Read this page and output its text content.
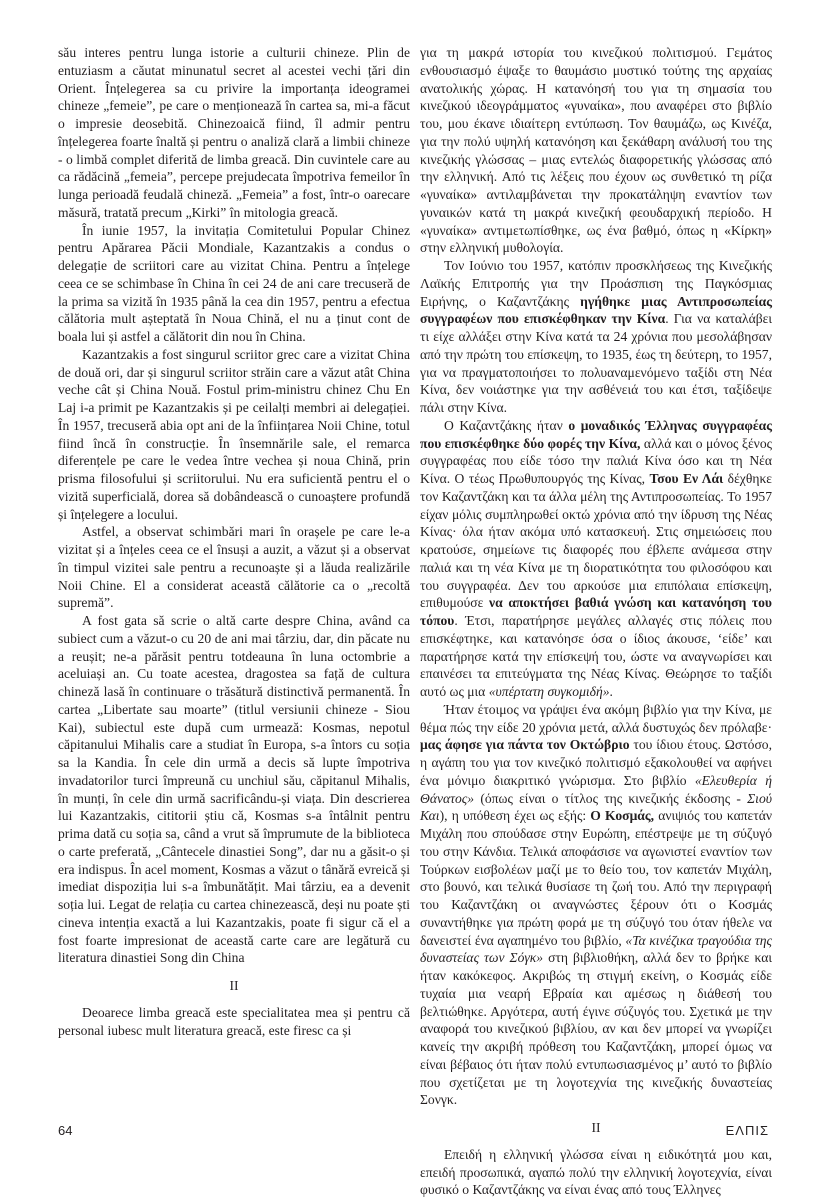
său interes pentru lunga istorie a culturii chineze. Plin de entuziasm a căutat minunatul secret al acestei vechi țări din Orient. Înțelegerea sa cu privire la importanța ideogramei chineze „femeie”, pe care o menționează în cartea sa, mi-a făcut o impresie deosebită. Chinezoaică fiind, îl admir pentru înțelegerea foarte înaltă și pentru o analiză clară a limbii chineze - o limbă complet diferită de limba greacă. Din cuvintele care au ca rădăcină „femeia”, percepe prejudecata împotriva femeilor în lunga perioadă feudală chineză. „Femeia” a fost, într-o oarecare măsură, tratată precum „Kirki” în mitologia greacă.

În iunie 1957, la invitația Comitetului Popular Chinez pentru Apărarea Păcii Mondiale, Kazantzakis a condus o delegație de scriitori care au vizitat China. Pentru a înțelege ceea ce se schimbase în China în cei 24 de ani care trecuseră de la prima sa vizită în 1935 până la cea din 1957, pentru a efectua călătoria mult așteptată în Noua Chină, el nu a ținut cont de boala lui și astfel a călătorit din nou în China.

Kazantzakis a fost singurul scriitor grec care a vizitat China de două ori, dar și singurul scriitor străin care a văzut atât China veche cât și China Nouă. Fostul prim-ministru chinez Chu En Laj i-a primit pe Kazantzakis și pe ceilalți membri ai delegației. În 1957, trecuseră abia opt ani de la înființarea Noii Chine, totul fiind încă în construcție. În însemnările sale, el remarca diferențele pe care le vedea între vechea și noua Chină, prin prisma filosofului și scriitorului. Nu era suficientă pentru el o vizită superficială, dorea să dobândească o cunoaștere profundă și înțelegere a locului.

Astfel, a observat schimbări mari în orașele pe care le-a vizitat și a înțeles ceea ce el însuși a auzit, a văzut și a observat în timpul vizitei sale pentru a recunoaște și a lăuda realizările Noii Chine. El a considerat această călătorie ca o „recoltă supremă”.

A fost gata să scrie o altă carte despre China, având ca subiect cum a văzut-o cu 20 de ani mai târziu, dar, din păcate nu a reușit; ne-a părăsit pentru totdeauna în luna octombrie a aceluiași an. Cu toate acestea, dragostea sa față de cultura chineză lasă în continuare o trăsătură distinctivă permanentă. În cartea „Libertate sau moarte” (titlul versiunii chineze - Siou Kai), subiectul este după cum urmează: Kosmas, nepotul căpitanului Mihalis care a studiat în Europa, s-a întors cu soția sa la Kandia. În cele din urmă a decis să lupte împotriva invadatorilor turci împreună cu unchiul său, căpitanul Mihalis, în munți, în cele din urmă sacrificându-și viața. Din descrierea lui Kazantzakis, cititorii știu că, Kosmas s-a întâlnit pentru prima dată cu soția sa, când a vrut să împrumute de la biblioteca o carte preferată, „Cântecele dinastiei Song”, dar nu a găsit-o și era indispus. În acel moment, Kosmas a văzut o tânără evreică și imediat dispoziția lui s-a îmbunătățit. Mai târziu, ea a devenit soția lui. Legat de relația cu cartea chinezească, deși nu poate ști cineva intenția exactă a lui Kazantzakis, poate fi sigur că el a fost foarte impresionat de această carte care are legătură cu literatura dinastiei Song din China

II

Deoarece limba greacă este specialitatea mea și pentru că personal iubesc mult literatura greacă, este firesc ca și

για τη μακρά ιστορία του κινεζικού πολιτισμού. Γεμάτος ενθουσιασμό έψαξε το θαυμάσιο μυστικό τούτης της αρχαίας ανατολικής χώρας. Η κατανόησή του για τη σημασία του κινεζικού ιδεογράμματος «γυναίκα», που αναφέρει στο βιβλίο του, μου έκανε ιδιαίτερη εντύπωση. Τον θαυμάζω, ως Κινέζα, για την πολύ υψηλή κατανόηση και ξεκάθαρη ανάλυσή του της κινεζικής γλώσσας – μιας εντελώς διαφορετικής γλώσσας από την ελληνική. Από τις λέξεις που έχουν ως συνθετικό τη ρίζα «γυναίκα» αντιλαμβάνεται την προκατάληψη εναντίον των γυναικών κατά τη μακρά κινεζική φεουδαρχική περίοδο. Η «γυναίκα» αντιμετωπίσθηκε, ως ένα βαθμό, όπως η «Κίρκη» στην ελληνική μυθολογία.

Τον Ιούνιο του 1957, κατόπιν προσκλήσεως της Κινεζικής Λαϊκής Επιτροπής για την Προάσπιση της Παγκόσμιας Ειρήνης, ο Καζαντζάκης ηγήθηκε μιας Αντιπροσωπείας συγγραφέων που επισκέφθηκαν την Κίνα. Για να καταλάβει τι είχε αλλάξει στην Κίνα κατά τα 24 χρόνια που μεσολάβησαν από την πρώτη του επίσκεψη, το 1935, έως τη δεύτερη, το 1957, για να πραγματοποιήσει το πολυαναμενόμενο ταξίδι στη Νέα Κίνα, δεν νοιάστηκε για την ασθένειά του και έτσι, ταξίδεψε πάλι στην Κίνα.

Ο Καζαντζάκης ήταν ο μοναδικός Έλληνας συγγραφέας που επισκέφθηκε δύο φορές την Κίνα, αλλά και ο μόνος ξένος συγγραφέας που είδε τόσο την παλιά Κίνα όσο και τη Νέα Κίνα. Ο τέως Πρωθυπουργός της Κίνας, Τσου Εν Λάι δέχθηκε τον Καζαντζάκη και τα άλλα μέλη της Αντιπροσωπείας. Το 1957 είχαν μόλις συμπληρωθεί οκτώ χρόνια από την ίδρυση της Νέας Κίνας· όλα ήταν ακόμα υπό κατασκευή. Στις σημειώσεις που κρατούσε, σημείωνε τις διαφορές που έβλεπε ανάμεσα στην παλιά και τη νέα Κίνα με τη διορατικότητα του φιλοσόφου και του συγγραφέα. Δεν του αρκούσε μια επιπόλαια επίσκεψη, επιθυμούσε να αποκτήσει βαθιά γνώση και κατανόηση του τόπου. Έτσι, παρατήρησε μεγάλες αλλαγές στις πόλεις που επισκέφτηκε, και κατανόησε όσα ο ίδιος άκουσε, ‘είδε’ και παρατήρησε κατά την επίσκεψή του, ώστε να αναγνωρίσει και επαινέσει τα επιτεύγματα της Νέας Κίνας. Θεώρησε το ταξίδι αυτό ως μια «υπέρτατη συγκομιδή».

Ήταν έτοιμος να γράψει ένα ακόμη βιβλίο για την Κίνα, με θέμα πώς την είδε 20 χρόνια μετά, αλλά δυστυχώς δεν πρόλαβε· μας άφησε για πάντα τον Οκτώβριο του ίδιου έτους. Ωστόσο, η αγάπη του για τον κινεζικό πολιτισμό εξακολουθεί να αφήνει ένα μόνιμο διακριτικό γνώρισμα. Στο βιβλίο «Ελευθερία ή Θάνατος» (όπως είναι ο τίτλος της κινεζικής έκδοσης - Σιού Και), η υπόθεση έχει ως εξής: Ο Κοσμάς, ανιψιός του καπετάν Μιχάλη που σπούδασε στην Ευρώπη, επέστρεψε με τη σύζυγό του στην Κάνδια. Τελικά αποφάσισε να αγωνιστεί εναντίον των Τούρκων εισβολέων μαζί με το θείο του, τον καπετάν Μιχάλη, στο βουνό, και τελικά θυσίασε τη ζωή του. Από την περιγραφή του Καζαντζάκη οι αναγνώστες ξέρουν ότι ο Κοσμάς συναντήθηκε για πρώτη φορά με τη σύζυγό του όταν ήθελε να δανειστεί ένα αγαπημένο του βιβλίο, «Τα κινέζικα τραγούδια της δυναστείας των Σόγκ» στη βιβλιοθήκη, αλλά δεν το βρήκε και ήταν κακόκεφος. Ακριβώς τη στιγμή εκείνη, ο Κοσμάς είδε τυχαία μια νεαρή Εβραία και αμέσως η διάθεσή του βελτιώθηκε. Αργότερα, αυτή έγινε σύζυγός του. Σχετικά με την αναφορά του κινεζικού βιβλίου, αν και δεν μπορεί να γνωρίζει κανείς την ακριβή πρόθεση του Καζαντζάκη, μπορεί όμως να είναι βέβαιος ότι ήταν πολύ εντυπωσιασμένος μ’ αυτό το βιβλίο που σχετίζεται με τη λογοτεχνία της κινεζικής δυναστείας Σονγκ.

II

Επειδή η ελληνική γλώσσα είναι η ειδικότητά μου και, επειδή προσωπικά, αγαπώ πολύ την ελληνική λογοτεχνία, είναι φυσικό ο Καζαντζάκης να είναι ένας από τους Έλληνες

64	ΕΛΠΙΣ
